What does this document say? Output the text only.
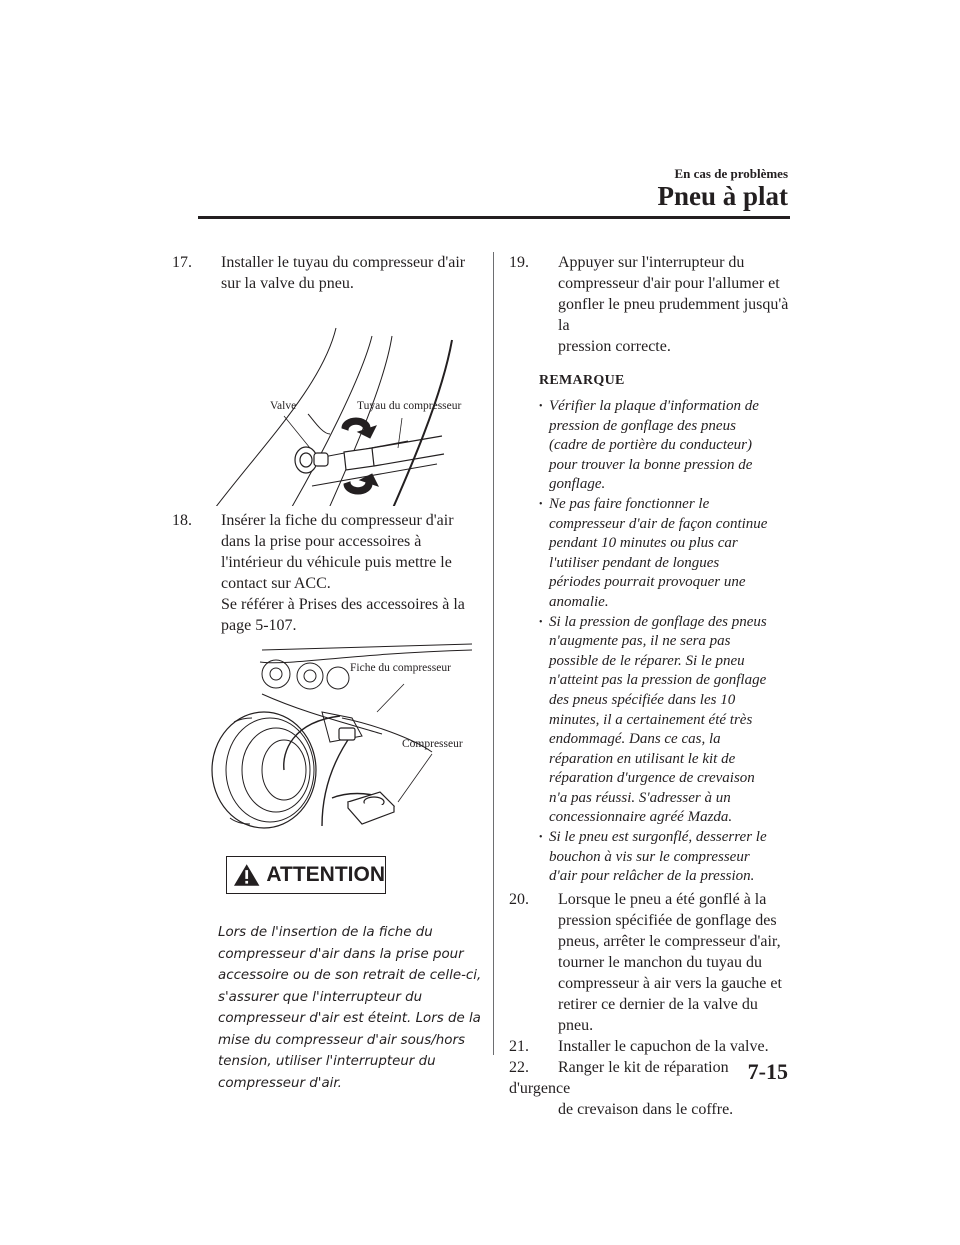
En cas de problèmes
Pneu à plat
17. Installer le tuyau du compresseur d'air
sur la valve du pneu.
Valve	Tuyau du compresseur
18. Insérer la fiche du compresseur d'air
dans la prise pour accessoires à
l'intérieur du véhicule puis mettre le
contact sur ACC.
Se référer à Prises des accessoires à la
page 5-107.
Fiche du compresseur
Compresseur
ATTENTION
Lors de l'insertion de la fiche du compresseur d'air dans la prise pour accessoire ou de son retrait de celle-ci, s'assurer que l'interrupteur du compresseur d'air est éteint. Lors de la mise du compresseur d'air sous/hors tension, utiliser l'interrupteur du compresseur d'air.
19. Appuyer sur l'interrupteur du
compresseur d'air pour l'allumer et
gonfler le pneu prudemment jusqu'à la
pression correcte.
REMARQUE
• Vérifier la plaque d'information de
pression de gonflage des pneus
(cadre de portière du conducteur)
pour trouver la bonne pression de
gonflage.
• Ne pas faire fonctionner le
compresseur d'air de façon continue
pendant 10 minutes ou plus car
l'utiliser pendant de longues
périodes pourrait provoquer une
anomalie.
• Si la pression de gonflage des pneus
n'augmente pas, il ne sera pas
possible de le réparer. Si le pneu
n'atteint pas la pression de gonflage
des pneus spécifiée dans les 10
minutes, il a certainement été très
endommagé. Dans ce cas, la
réparation en utilisant le kit de
réparation d'urgence de crevaison
n'a pas réussi. S'adresser à un
concessionnaire agréé Mazda.
• Si le pneu est surgonflé, desserrer le
bouchon à vis sur le compresseur
d'air pour relâcher de la pression.
20. Lorsque le pneu a été gonflé à la
pression spécifiée de gonflage des
pneus, arrêter le compresseur d'air,
tourner le manchon du tuyau du
compresseur à air vers la gauche et
retirer ce dernier de la valve du pneu.
21. Installer le capuchon de la valve.
22. Ranger le kit de réparation d'urgence
de crevaison dans le coffre.
7-15
